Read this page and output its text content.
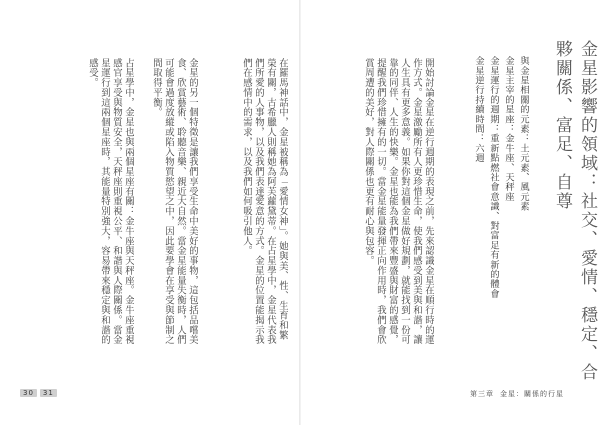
金星影響的領域：社交、愛情、穩定、合夥關係、富足、自尊
與金星相關的元素：土元素、風元素
金星主宰的星座：金牛座、天秤座
金星運行的週期：重新點燃社會意識、對富足有新的體會
金星逆行持續時間：六週
開始討論金星在逆行週期的表現之前，先來認識金星在順行時的運作方式。金星激勵所有人更珍惜生命，使我們感受到美與和諧，讓人生具有更多意義。如果你對這個金星做好規劃，就能找到一份可靠的同伴、人生的快樂。金星也能為我們帶來豐盛與財富的感覺，提醒我們珍惜擁有的一切。當金星能量發揮正向作用時，我們會欣賞周遭的美好，對人際關係也更有耐心與包容。
在羅馬神話中，金星被稱為「愛情女神」。她與美、性、生育和繁榮有關，古希臘人則稱她為阿芙蘿黛蒂。在占星學中，金星代表我們所愛的人事物，以及我們表達愛意的方式。金星的位置能揭示我們在感情中的需求，以及我們如何吸引他人。
金星的另一個特徵是讓我們享受生命中美好的事物，這包括品嚐美食、欣賞藝術、聆聽音樂、親近大自然。當金星能量失衡時，人們可能會過度放縱或陷入物質慾望之中，因此要學會在享受與節制之間取得平衡。
占星學中，金星也與兩個星座有關：金牛座與天秤座。金牛座重視感官享受與物質安全，天秤座則重視公平、和諧與人際關係。當金星運行到這兩個星座時，其能量特別強大，容易帶來穩定與和諧的感受。
30	31	第三章 金星：關係的行星
